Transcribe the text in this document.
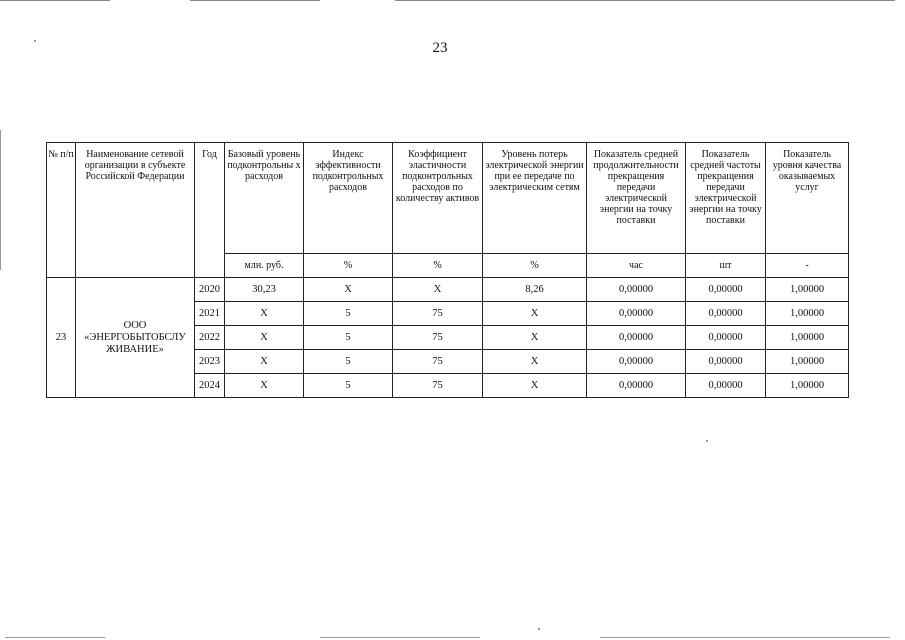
23
№ п/п	Наименование сетевой организации в субъекте Российской Федерации	Год	Базовый уровень подконтрольны х расходов	Индекс эффективности подконтрольных расходов	Коэффициент эластичности подконтрольных расходов по количеству активов	Уровень потерь электрической энергии при ее передаче по электрическим сетям	Показатель средней продолжительности прекращения передачи электрической энергии на точку поставки	Показатель средней частоты прекращения передачи электрической энергии на точку поставки	Показатель уровня качества оказываемых услуг
			млн. руб.	%	%	%	час	шт	-
23	ООО «ЭНЕРГОБЫТОБСЛУ ЖИВАНИЕ»	2020	30,23	Х	Х	8,26	0,00000	0,00000	1,00000
		2021	Х	5	75	Х	0,00000	0,00000	1,00000
		2022	Х	5	75	Х	0,00000	0,00000	1,00000
		2023	Х	5	75	Х	0,00000	0,00000	1,00000
		2024	Х	5	75	Х	0,00000	0,00000	1,00000
